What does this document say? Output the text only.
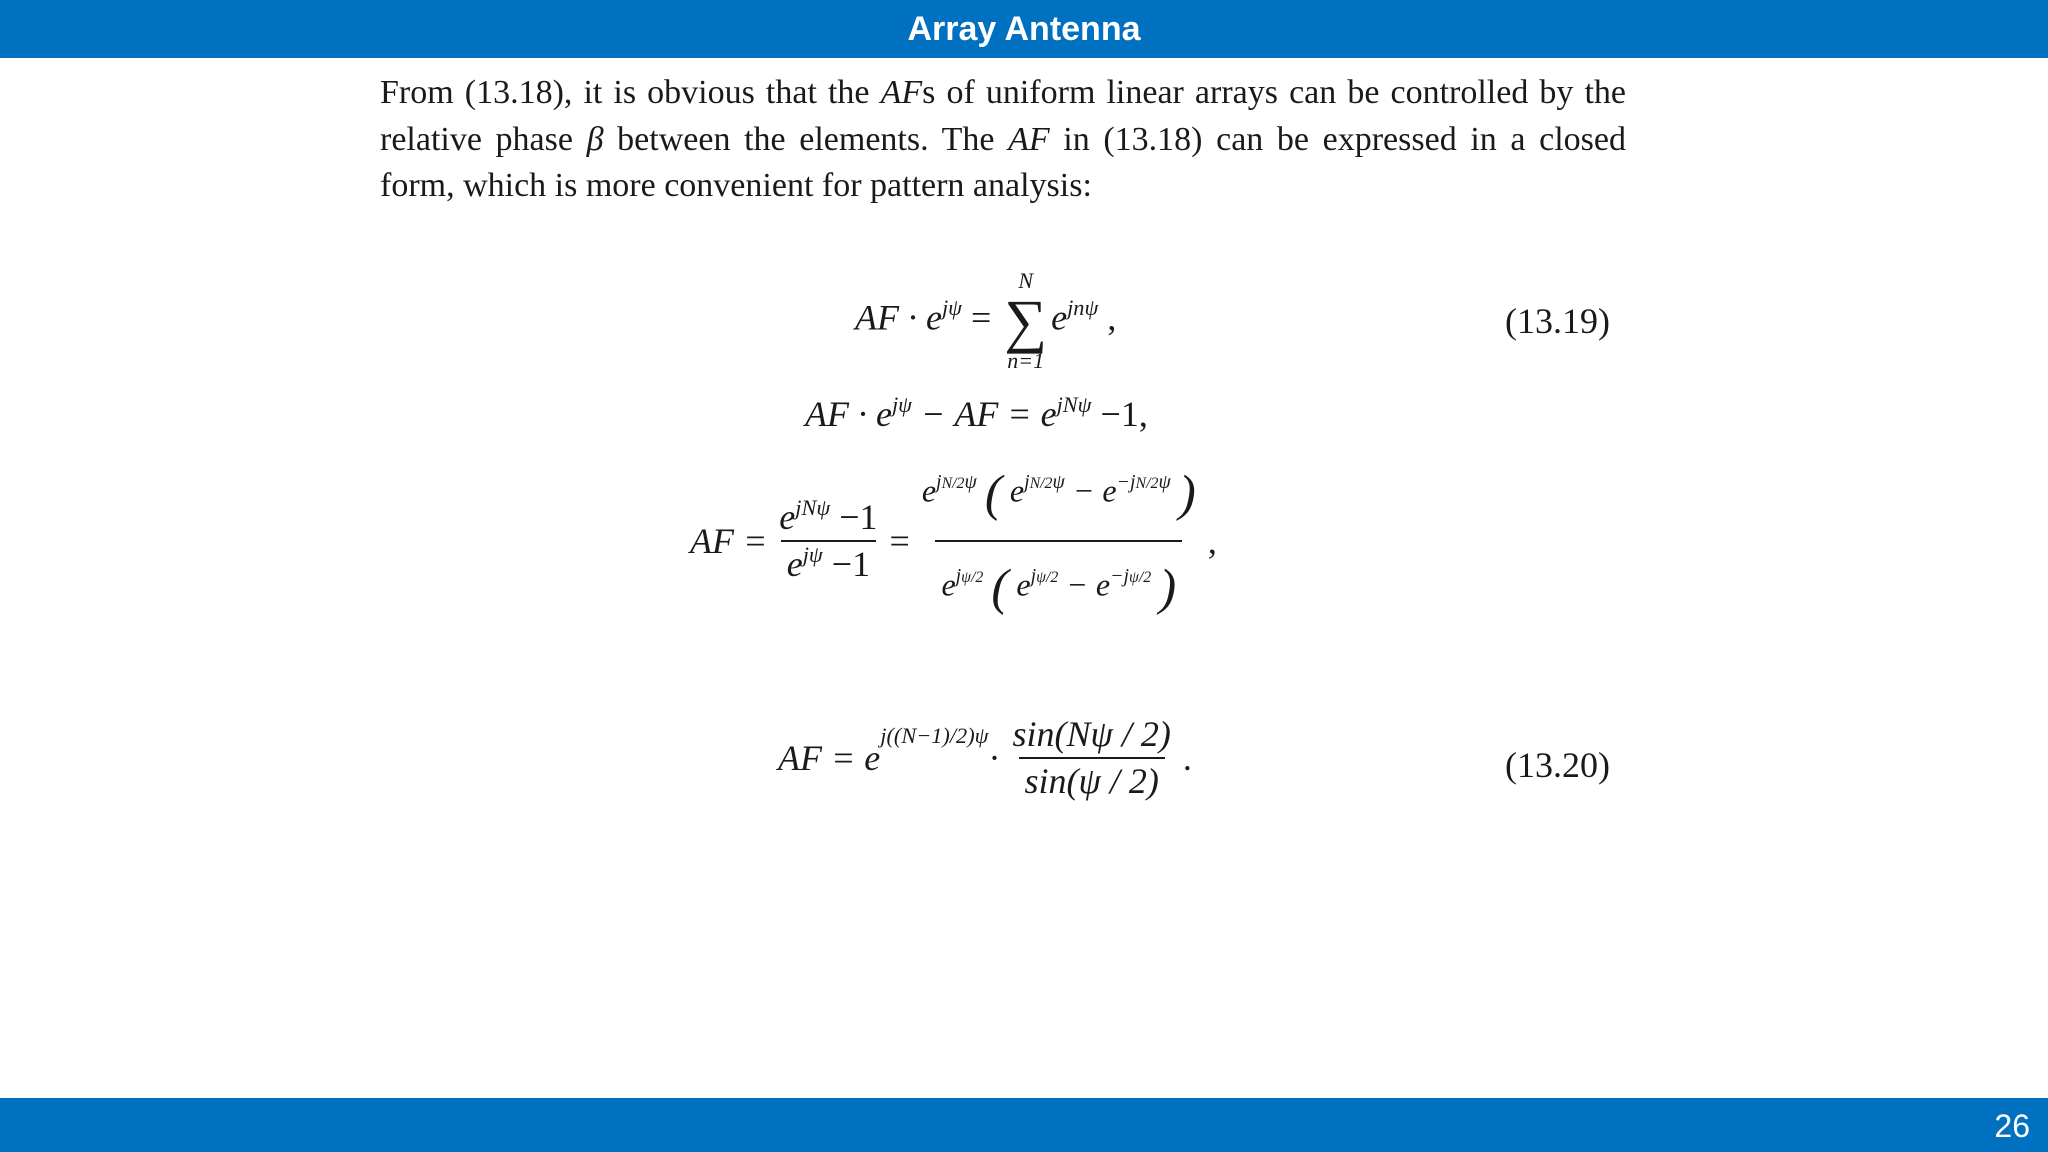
Array Antenna
From (13.18), it is obvious that the AFs of uniform linear arrays can be controlled by the relative phase β between the elements. The AF in (13.18) can be expressed in a closed form, which is more convenient for pattern analysis:
AF · $e^{j\psi}$ =
N
∑
n=1
$e^{jn\psi}$ ,	(13.19)
AF · $e^{j\psi}$ − AF = $e^{jN\psi} -1$,
AF = $\frac{e^{jN\psi} -1}{e^{j\psi} -1} = \frac{e^{jN/2\psi} ( e^{jN/2\psi} - e^{-jN/2\psi} )}{e^{j\psi/2} ( e^{j\psi/2} - e^{-j\psi/2} )}$ ,
AF = e
j((N−1)/2)ψ
· $\frac{\sin(N\psi / 2)}{\sin(\psi / 2)}$ .	(13.20)
26
